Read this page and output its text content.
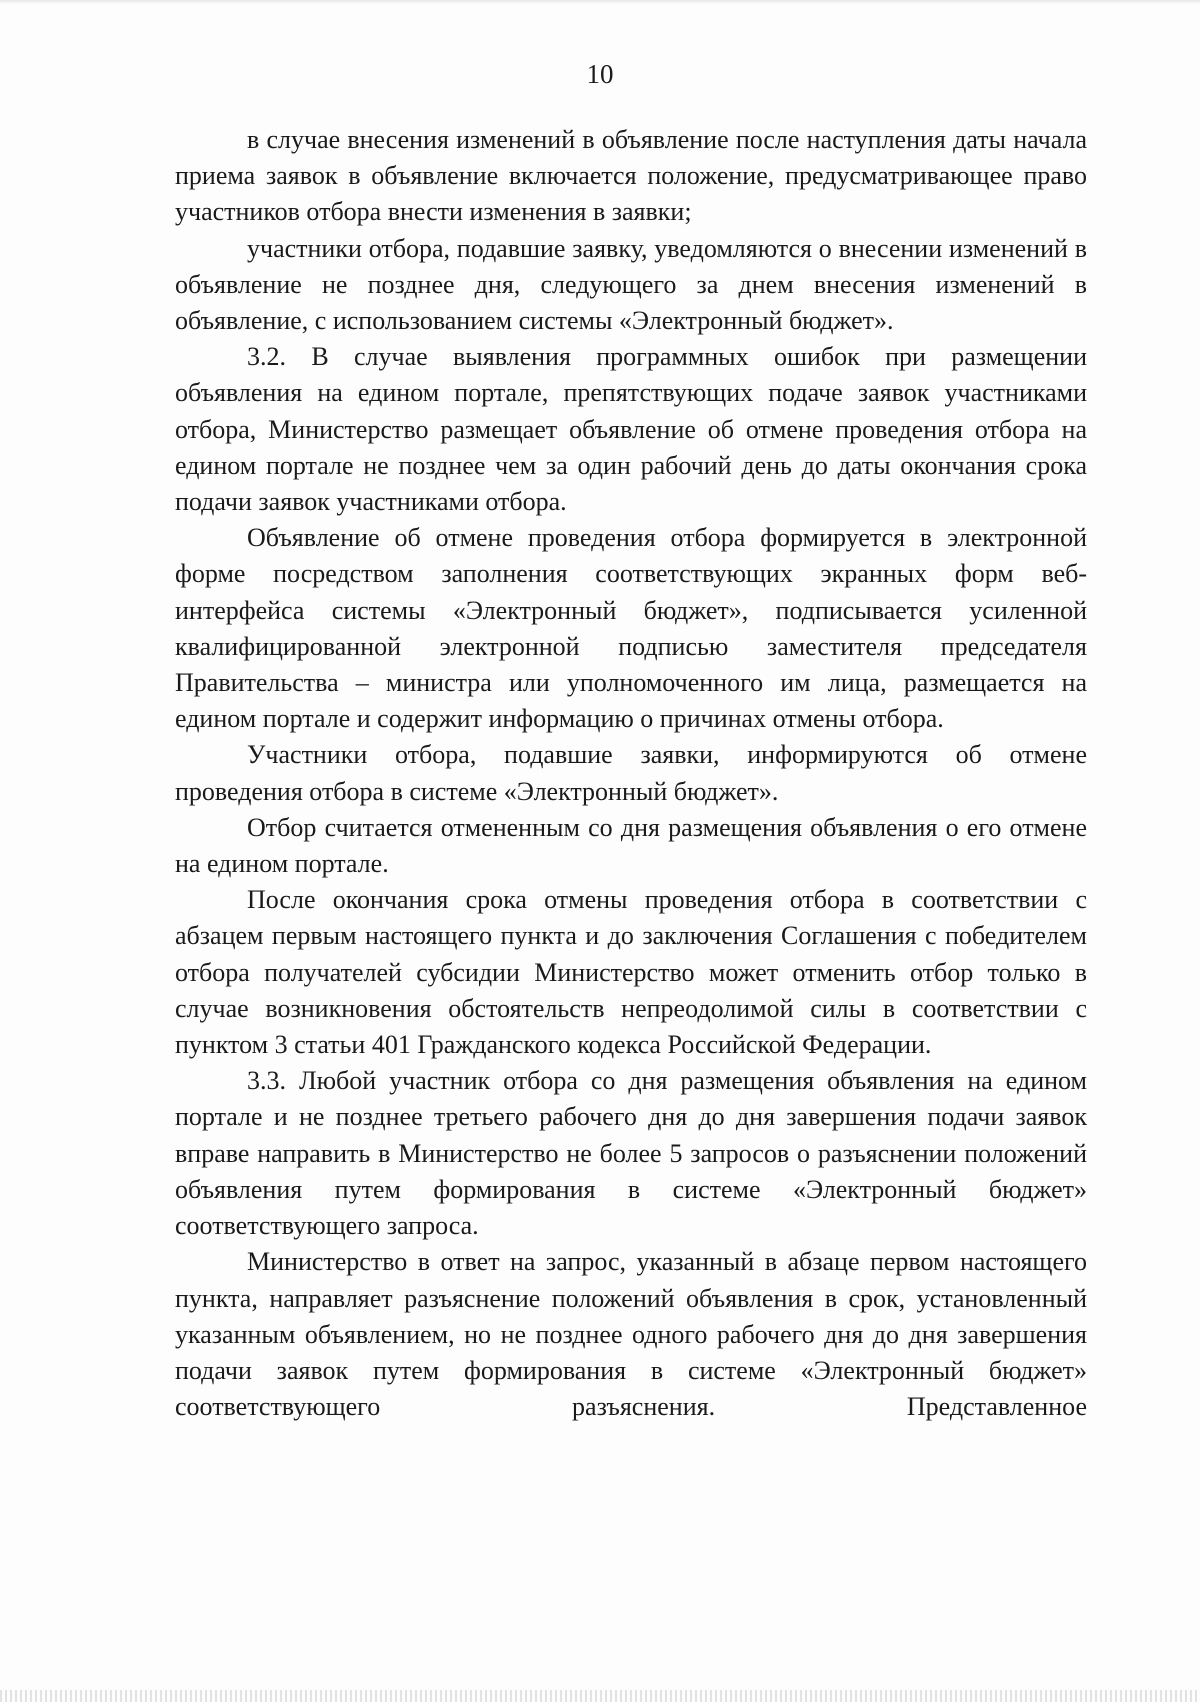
10

в случае внесения изменений в объявление после наступления даты начала приема заявок в объявление включается положение, предусматривающее право участников отбора внести изменения в заявки;

участники отбора, подавшие заявку, уведомляются о внесении изменений в объявление не позднее дня, следующего за днем внесения изменений в объявление, с использованием системы «Электронный бюджет».

3.2. В случае выявления программных ошибок при размещении объявления на едином портале, препятствующих подаче заявок участниками отбора, Министерство размещает объявление об отмене проведения отбора на едином портале не позднее чем за один рабочий день до даты окончания срока подачи заявок участниками отбора.

Объявление об отмене проведения отбора формируется в электронной форме посредством заполнения соответствующих экранных форм веб-интерфейса системы «Электронный бюджет», подписывается усиленной квалифицированной электронной подписью заместителя председателя Правительства – министра или уполномоченного им лица, размещается на едином портале и содержит информацию о причинах отмены отбора.

Участники отбора, подавшие заявки, информируются об отмене проведения отбора в системе «Электронный бюджет».

Отбор считается отмененным со дня размещения объявления о его отмене на едином портале.

После окончания срока отмены проведения отбора в соответствии с абзацем первым настоящего пункта и до заключения Соглашения с победителем отбора получателей субсидии Министерство может отменить отбор только в случае возникновения обстоятельств непреодолимой силы в соответствии с пунктом 3 статьи 401 Гражданского кодекса Российской Федерации.

3.3. Любой участник отбора со дня размещения объявления на едином портале и не позднее третьего рабочего дня до дня завершения подачи заявок вправе направить в Министерство не более 5 запросов о разъяснении положений объявления путем формирования в системе «Электронный бюджет» соответствующего запроса.

Министерство в ответ на запрос, указанный в абзаце первом настоящего пункта, направляет разъяснение положений объявления в срок, установленный указанным объявлением, но не позднее одного рабочего дня до дня завершения подачи заявок путем формирования в системе «Электронный бюджет» соответствующего разъяснения. Представленное
